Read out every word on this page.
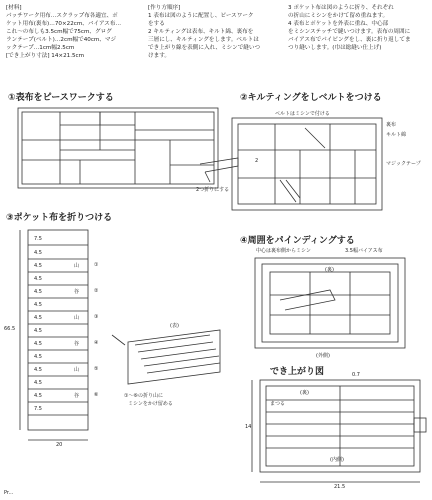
[材料]
パッチワーク用布…スクラップ布各適宜、ポ
ケット用布(裏布)…70×22cm、バイアス布…
これ〜の布しも3.5cm幅で75cm、グログ
ランテープ(ベルト)…2cm幅で40cm、マジ
ックテープ…1cm幅2.5cm
[でき上がり寸法] 14×21.5cm
[作り方順序]
1 表布は図のように配置し、ピースワーク
をする
2 キルティングは表布、キルト綿、裏布を
三層にし、キルティングをします。ベルトは
でき上がり線を表側に入れ、ミシンで縫いつ
けます。
3 ポケット布は図のように折り、それぞれ
の折山にミシンをかけて留め重ねます。
4 表布とポケットを外表に重ね、中心部
をミシンステッチで縫いつけます。表布の周囲に
バイアス布でパイピングをし、裏に折り返してま
つり縫いします。(巾は総縫い仕上げ)
①表布をピースワークする	②キルティングをしベルトをつける
③ポケット布を折りつける
④周囲をパインディングする
でき上がり図
ベルトはミシンで付ける
裏布
キルト綿
マジックテープ
2
2つ折りにする
中心は裏布側からミシン	3.5幅バイアス布
(裏)
(外側)
(表)
①〜⑥の折り山に
ミシンをかけ留める
66.5
20
7.5
4.5
4.5
4.5
4.5
4.5
4.5
4.5
4.5
4.5
4.5
4.5
4.5
7.5
①
②
③
④
⑤
⑥
山
谷
山
谷
山
谷
0.7
(裏)
まつる
(内側)
14
21.5
Pr...
